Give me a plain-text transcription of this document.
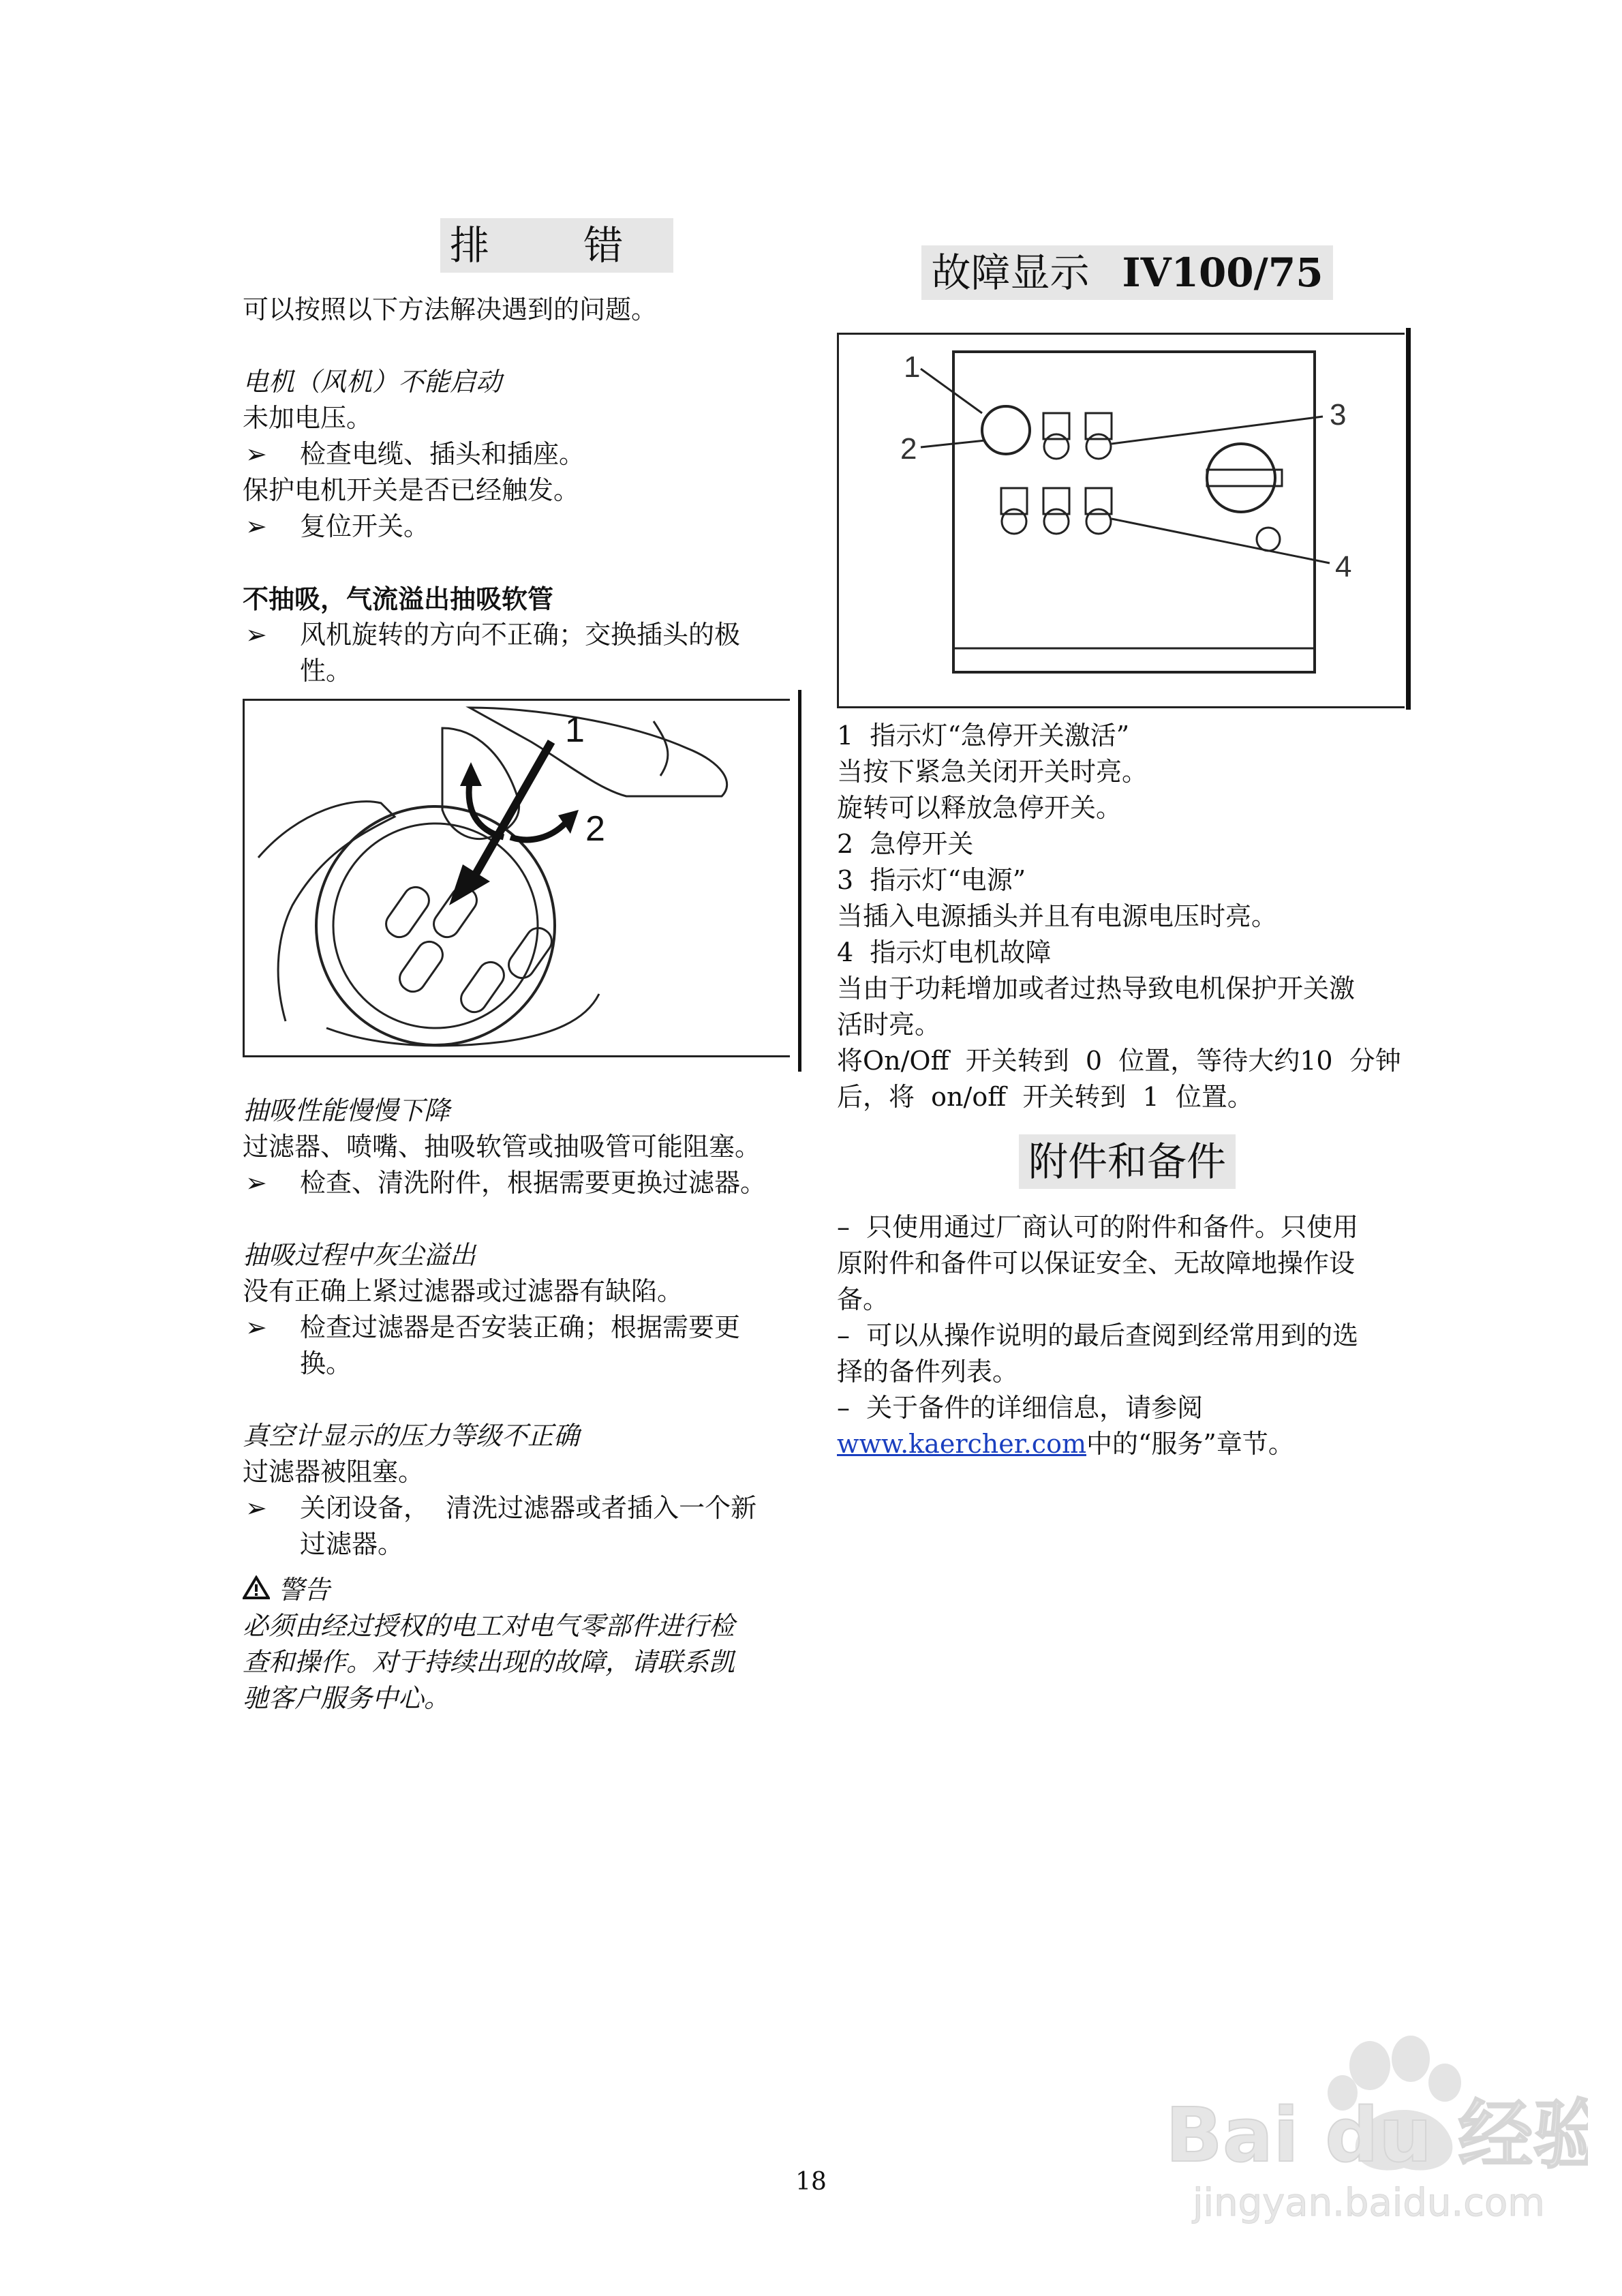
排 错

可以按照以下方法解决遇到的问题。

电机（风机）不能启动

未加电压。

➢ 检查电缆、插头和插座。

保护电机开关是否已经触发。

➢ 复位开关。

不抽吸，气流溢出抽吸软管

➢ 风机旋转的方向不正确；交换插头的极
性。
1
2

抽吸性能慢慢下降

过滤器、喷嘴、抽吸软管或抽吸管可能阻塞。

➢ 检查、清洗附件，根据需要更换过滤器。

抽吸过程中灰尘溢出

没有正确上紧过滤器或过滤器有缺陷。

➢ 检查过滤器是否安装正确；根据需要更
换。

真空计显示的压力等级不正确

过滤器被阻塞。

➢ 关闭设备，  清洗过滤器或者插入一个新
过滤器。

警告

必须由经过授权的电工对电气零部件进行检

查和操作。对于持续出现的故障，请联系凯

驰客户服务中心。

故障显示 IV100/75
1
2
3
4

1  指示灯“急停开关激活”

当按下紧急关闭开关时亮。

旋转可以释放急停开关。

2  急停开关

3  指示灯“电源”

当插入电源插头并且有电源电压时亮。

4  指示灯电机故障

当由于功耗增加或者过热导致电机保护开关激

活时亮。

将On/Off  开关转到  0  位置，等待大约10  分钟

后，将  on/off  开关转到  1  位置。

附件和备件

–  只使用通过厂商认可的附件和备件。只使用

原附件和备件可以保证安全、无故障地操作设

备。

–  可以从操作说明的最后查阅到经常用到的选

择的备件列表。

–  关于备件的详细信息，请参阅

www.kaercher.com中的“服务”章节。

18
Bai du 经验
jingyan.baidu.com
